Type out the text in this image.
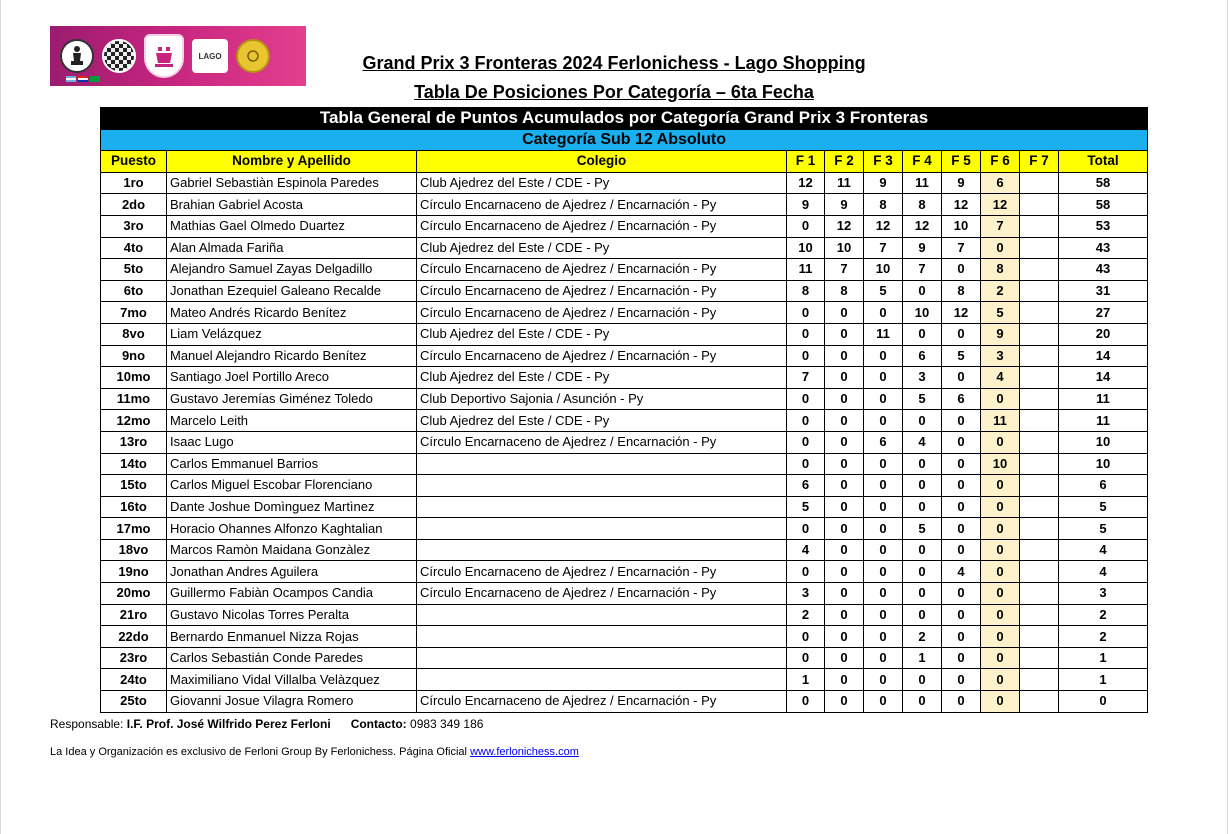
LAGO	Grand Prix 3 Fronteras 2024 Ferlonichess - Lago Shopping
Tabla De Posiciones Por Categoría – 6ta Fecha
Tabla General de Puntos Acumulados por Categoría Grand Prix 3 Fronteras										
Categoría Sub 12 Absoluto										
Puesto	Nombre y Apellido	Colegio	F 1	F 2	F 3	F 4	F 5	F 6	F 7	Total
1ro	Gabriel Sebastiàn Espinola Paredes	Club Ajedrez del Este / CDE - Py	12	11	9	11	9	6		58
2do	Brahian Gabriel Acosta	Círculo Encarnaceno de Ajedrez / Encarnación - Py	9	9	8	8	12	12		58
3ro	Mathias Gael Olmedo Duartez	Círculo Encarnaceno de Ajedrez / Encarnación - Py	0	12	12	12	10	7		53
4to	Alan Almada Fariña	Club Ajedrez del Este / CDE - Py	10	10	7	9	7	0		43
5to	Alejandro Samuel Zayas Delgadillo	Círculo Encarnaceno de Ajedrez / Encarnación - Py	11	7	10	7	0	8		43
6to	Jonathan Ezequiel Galeano Recalde	Círculo Encarnaceno de Ajedrez / Encarnación - Py	8	8	5	0	8	2		31
7mo	Mateo Andrés Ricardo Benítez	Círculo Encarnaceno de Ajedrez / Encarnación - Py	0	0	0	10	12	5		27
8vo	Liam Velázquez	Club Ajedrez del Este / CDE - Py	0	0	11	0	0	9		20
9no	Manuel Alejandro Ricardo Benítez	Círculo Encarnaceno de Ajedrez / Encarnación - Py	0	0	0	6	5	3		14
10mo	Santiago Joel Portillo Areco	Club Ajedrez del Este / CDE - Py	7	0	0	3	0	4		14
11mo	Gustavo Jeremías Giménez Toledo	Club Deportivo Sajonia / Asunción - Py	0	0	0	5	6	0		11
12mo	Marcelo Leith	Club Ajedrez del Este / CDE - Py	0	0	0	0	0	11		11
13ro	Isaac Lugo	Círculo Encarnaceno de Ajedrez / Encarnación - Py	0	0	6	4	0	0		10
14to	Carlos Emmanuel Barrios		0	0	0	0	0	10		10
15to	Carlos Miguel Escobar Florenciano		6	0	0	0	0	0		6
16to	Dante Joshue Domìnguez Martìnez		5	0	0	0	0	0		5
17mo	Horacio Ohannes Alfonzo Kaghtalian		0	0	0	5	0	0		5
18vo	Marcos Ramòn Maidana Gonzàlez		4	0	0	0	0	0		4
19no	Jonathan Andres Aguilera	Círculo Encarnaceno de Ajedrez / Encarnación - Py	0	0	0	0	4	0		4
20mo	Guillermo Fabiàn Ocampos Candia	Círculo Encarnaceno de Ajedrez / Encarnación - Py	3	0	0	0	0	0		3
21ro	Gustavo Nicolas Torres Peralta		2	0	0	0	0	0		2
22do	Bernardo Enmanuel Nizza Rojas		0	0	0	2	0	0		2
23ro	Carlos Sebastián Conde Paredes		0	0	0	1	0	0		1
24to	Maximiliano Vidal Villalba Velàzquez		1	0	0	0	0	0		1
25to	Giovanni Josue Vilagra Romero	Círculo Encarnaceno de Ajedrez / Encarnación - Py	0	0	0	0	0	0		0
Responsable: I.F. Prof. José Wilfrido Perez Ferloni Contacto: 0983 349 186
La Idea y Organización es exclusivo de Ferloni Group By Ferlonichess. Página Oficial www.ferlonichess.com
